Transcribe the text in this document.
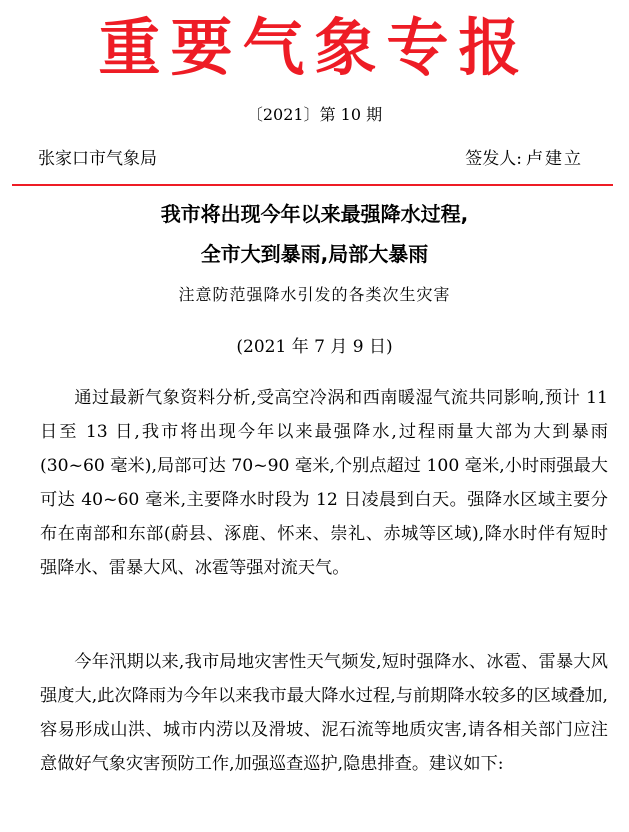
重要气象专报
〔2021〕第 10 期
张家口市气象局	签发人: 卢建立
我市将出现今年以来最强降水过程,
全市大到暴雨,局部大暴雨
注意防范强降水引发的各类次生灾害
(2021 年 7 月 9 日)

通过最新气象资料分析,受高空冷涡和西南暖湿气流共同影响,预计 11 日至 13 日,我市将出现今年以来最强降水,过程雨量大部为大到暴雨(30~60 毫米),局部可达 70~90 毫米,个别点超过 100 毫米,小时雨强最大可达 40~60 毫米,主要降水时段为 12 日凌晨到白天。强降水区域主要分布在南部和东部(蔚县、涿鹿、怀来、崇礼、赤城等区域),降水时伴有短时强降水、雷暴大风、冰雹等强对流天气。

今年汛期以来,我市局地灾害性天气频发,短时强降水、冰雹、雷暴大风强度大,此次降雨为今年以来我市最大降水过程,与前期降水较多的区域叠加,容易形成山洪、城市内涝以及滑坡、泥石流等地质灾害,请各相关部门应注意做好气象灾害预防工作,加强巡查巡护,隐患排查。建议如下:
